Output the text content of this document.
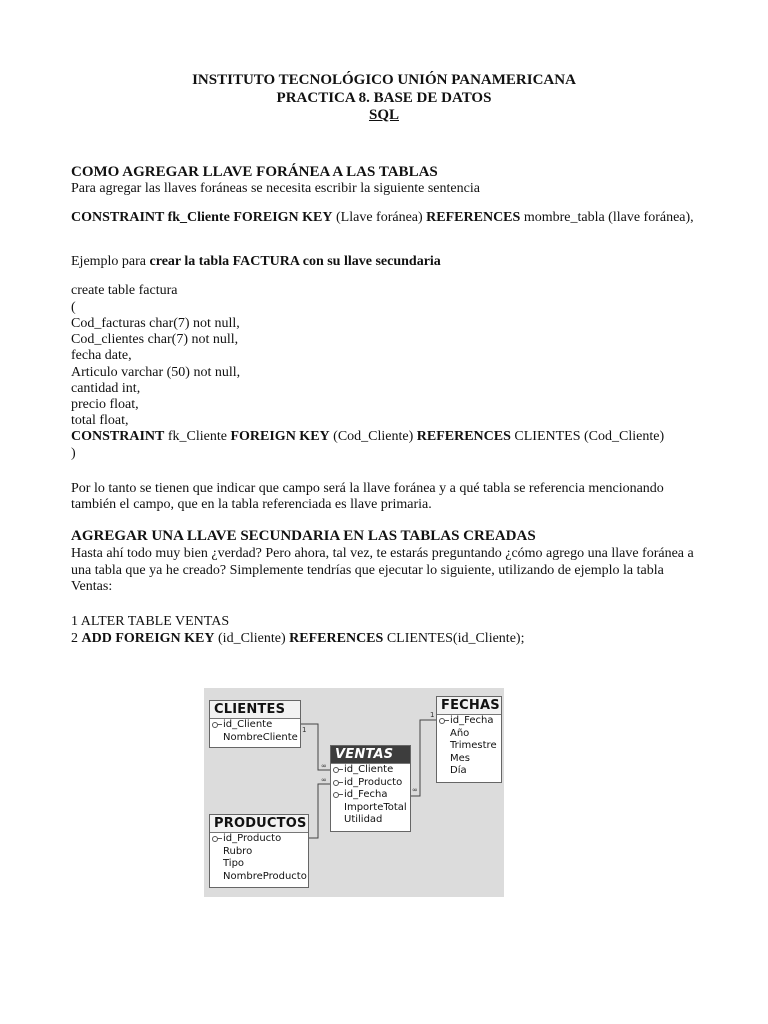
INSTITUTO TECNOLÓGICO UNIÓN PANAMERICANA
PRACTICA 8. BASE DE DATOS
SQL
COMO AGREGAR LLAVE FORÁNEA A LAS TABLAS
Para agregar las llaves foráneas se necesita escribir la siguiente sentencia
CONSTRAINT fk_Cliente FOREIGN KEY (Llave foránea) REFERENCES mombre_tabla (llave foránea),
Ejemplo para crear la tabla FACTURA con su llave secundaria
create table factura
(
Cod_facturas char(7) not null,
Cod_clientes char(7) not null,
fecha date,
Articulo varchar (50) not null,
cantidad int,
precio float,
total float,
CONSTRAINT fk_Cliente FOREIGN KEY (Cod_Cliente) REFERENCES CLIENTES (Cod_Cliente)
)
Por lo tanto se tienen que indicar que campo será la llave foránea y a qué tabla se referencia mencionando
también el campo, que en la tabla referenciada es llave primaria.
AGREGAR UNA LLAVE SECUNDARIA EN LAS TABLAS CREADAS
Hasta ahí todo muy bien ¿verdad? Pero ahora, tal vez, te estarás preguntando ¿cómo agrego una llave foránea a
una tabla que ya he creado? Simplemente tendrías que ejecutar lo siguiente, utilizando de ejemplo la tabla
Ventas:
1 ALTER TABLE VENTAS
2 ADD FOREIGN KEY (id_Cliente) REFERENCES CLIENTES(id_Cliente);
1
∞
∞
∞
1
CLIENTES
id_Cliente
NombreCliente
PRODUCTOS
id_Producto
Rubro
Tipo
NombreProducto
VENTAS
id_Cliente
id_Producto
id_Fecha
ImporteTotal
Utilidad
FECHAS
id_Fecha
Año
Trimestre
Mes
Día
